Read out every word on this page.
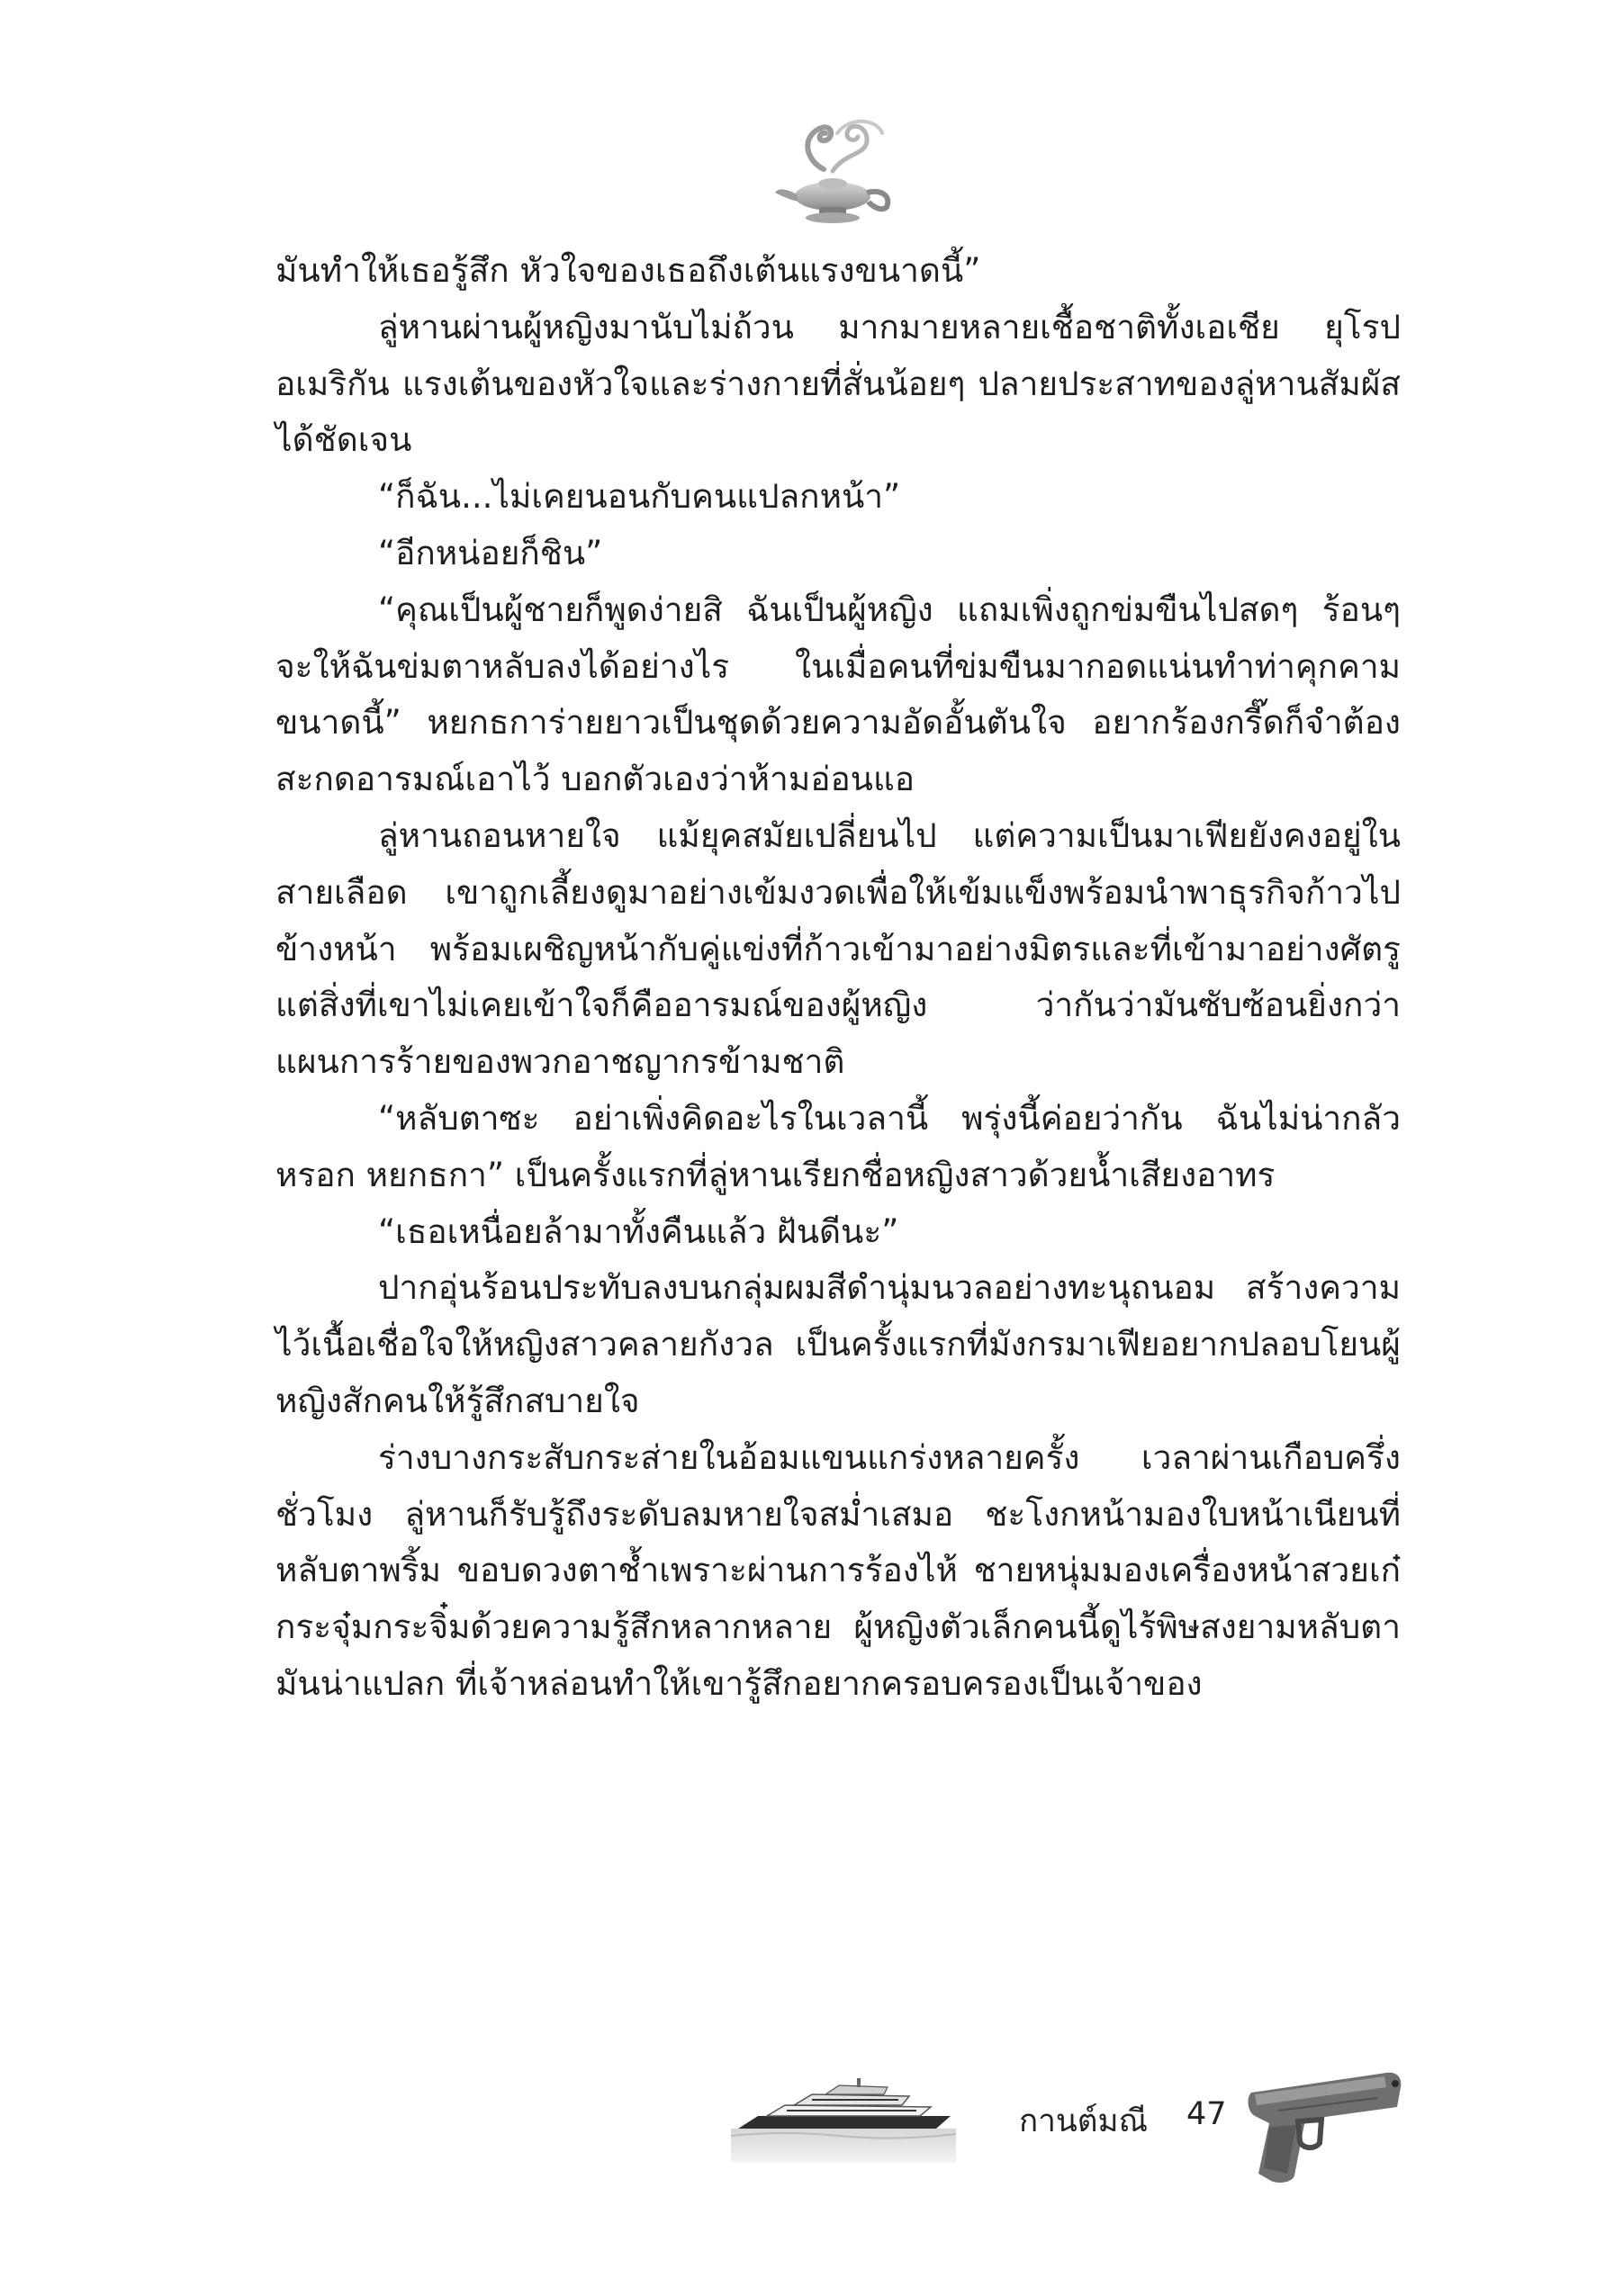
มันทำให้เธอรู้สึก หัวใจของเธอถึงเต้นแรงขนาดนี้”

ลู่หานผ่านผู้หญิงมานับไม่ถ้วน มากมายหลายเชื้อชาติทั้งเอเชีย ยุโรป อเมริกัน แรงเต้นของหัวใจและร่างกายที่สั่นน้อยๆ ปลายประสาทของลู่หานสัมผัสได้ชัดเจน

“ก็ฉัน...ไม่เคยนอนกับคนแปลกหน้า”

“อีกหน่อยก็ชิน”

“คุณเป็นผู้ชายก็พูดง่ายสิ ฉันเป็นผู้หญิง แถมเพิ่งถูกข่มขืนไปสดๆ ร้อนๆ จะให้ฉันข่มตาหลับลงได้อย่างไร ในเมื่อคนที่ข่มขืนมากอดแน่นทำท่าคุกคามขนาดนี้” หยกธการ่ายยาวเป็นชุดด้วยความอัดอั้นตันใจ อยากร้องกรี๊ดก็จำต้องสะกดอารมณ์เอาไว้ บอกตัวเองว่าห้ามอ่อนแอ

ลู่หานถอนหายใจ แม้ยุคสมัยเปลี่ยนไป แต่ความเป็นมาเฟียยังคงอยู่ในสายเลือด เขาถูกเลี้ยงดูมาอย่างเข้มงวดเพื่อให้เข้มแข็งพร้อมนำพาธุรกิจก้าวไปข้างหน้า พร้อมเผชิญหน้ากับคู่แข่งที่ก้าวเข้ามาอย่างมิตรและที่เข้ามาอย่างศัตรู แต่สิ่งที่เขาไม่เคยเข้าใจก็คืออารมณ์ของผู้หญิง ว่ากันว่ามันซับซ้อนยิ่งกว่าแผนการร้ายของพวกอาชญากรข้ามชาติ

“หลับตาซะ อย่าเพิ่งคิดอะไรในเวลานี้ พรุ่งนี้ค่อยว่ากัน ฉันไม่น่ากลัวหรอก หยกธกา” เป็นครั้งแรกที่ลู่หานเรียกชื่อหญิงสาวด้วยน้ำเสียงอาทร

“เธอเหนื่อยล้ามาทั้งคืนแล้ว ฝันดีนะ”

ปากอุ่นร้อนประทับลงบนกลุ่มผมสีดำนุ่มนวลอย่างทะนุถนอม สร้างความไว้เนื้อเชื่อใจให้หญิงสาวคลายกังวล เป็นครั้งแรกที่มังกรมาเฟียอยากปลอบโยนผู้หญิงสักคนให้รู้สึกสบายใจ

ร่างบางกระสับกระส่ายในอ้อมแขนแกร่งหลายครั้ง เวลาผ่านเกือบครึ่งชั่วโมง ลู่หานก็รับรู้ถึงระดับลมหายใจสม่ำเสมอ ชะโงกหน้ามองใบหน้าเนียนที่หลับตาพริ้ม ขอบดวงตาช้ำเพราะผ่านการร้องไห้ ชายหนุ่มมองเครื่องหน้าสวยเก๋กระจุ๋มกระจิ๋มด้วยความรู้สึกหลากหลาย ผู้หญิงตัวเล็กคนนี้ดูไร้พิษสงยามหลับตา มันน่าแปลก ที่เจ้าหล่อนทำให้เขารู้สึกอยากครอบครองเป็นเจ้าของ

กานต์มณี 47
